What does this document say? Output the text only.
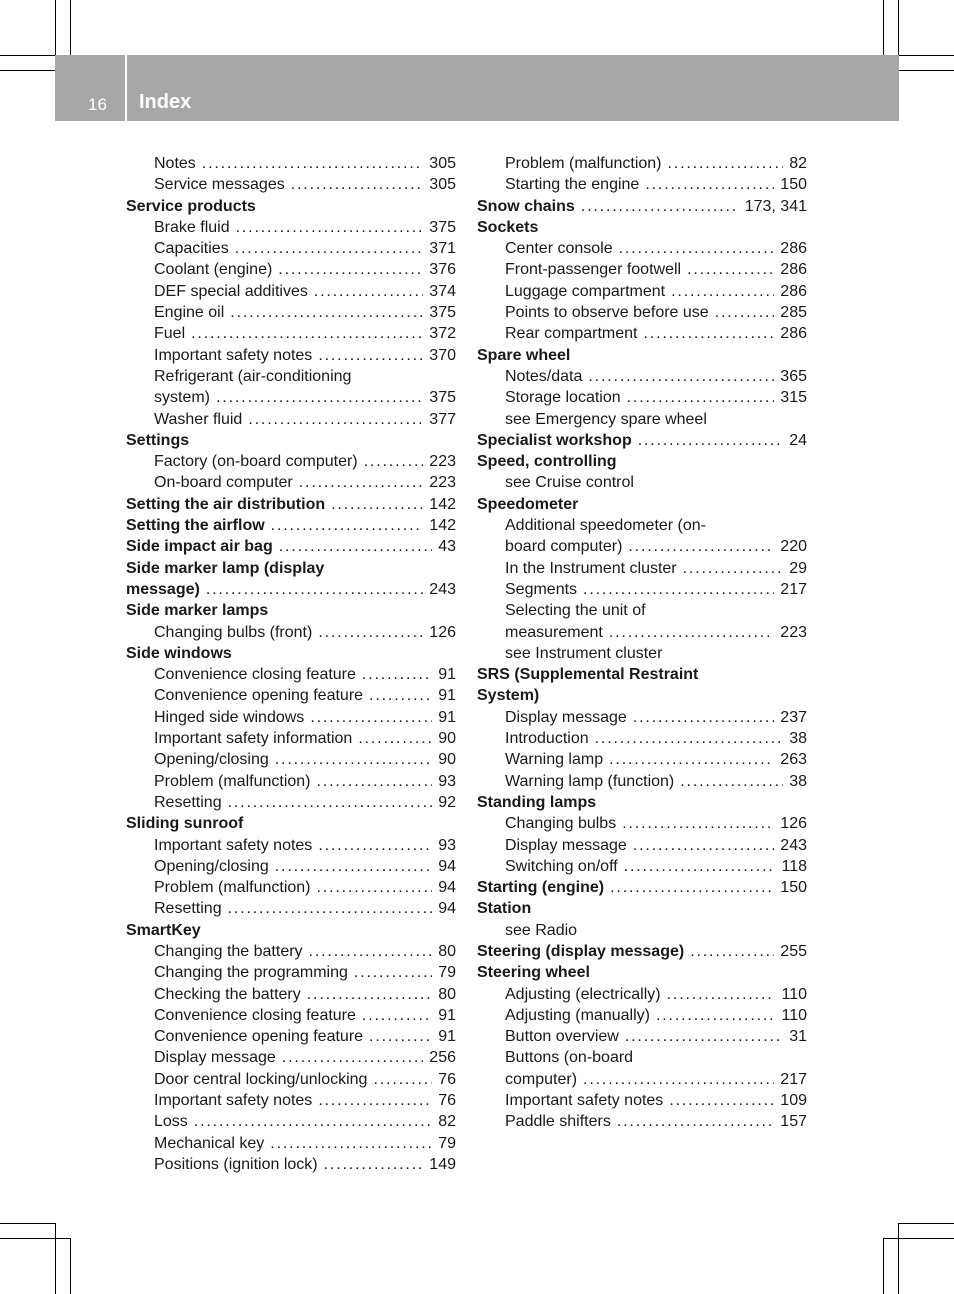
16 Index
Notes . . .	305
Service messages . . .	305
Service products
Brake fluid . . .	375
Capacities . . .	371
Coolant (engine) . . .	376
DEF special additives . . .	374
Engine oil . . .	375
Fuel . . .	372
Important safety notes . . .	370
Refrigerant (air-conditioning
system) . . .	375
Washer fluid . . .	377
Settings
Factory (on-board computer) . . .	223
On-board computer . . .	223
Setting the air distribution . . .	142
Setting the airflow . . .	142
Side impact air bag . . .	43
Side marker lamp (display
message) . . .	243
Side marker lamps
Changing bulbs (front) . . .	126
Side windows
Convenience closing feature . . .	91
Convenience opening feature . . .	91
Hinged side windows . . .	91
Important safety information . . .	90
Opening/closing . . .	90
Problem (malfunction) . . .	93
Resetting . . .	92
Sliding sunroof
Important safety notes . . .	93
Opening/closing . . .	94
Problem (malfunction) . . .	94
Resetting . . .	94
SmartKey
Changing the battery . . .	80
Changing the programming . . .	79
Checking the battery . . .	80
Convenience closing feature . . .	91
Convenience opening feature . . .	91
Display message . . .	256
Door central locking/unlocking . . .	76
Important safety notes . . .	76
Loss . . .	82
Mechanical key . . .	79
Positions (ignition lock) . . .	149
Problem (malfunction) . . .	82
Starting the engine . . .	150
Snow chains . . .	173, 341
Sockets
Center console . . .	286
Front-passenger footwell . . .	286
Luggage compartment . . .	286
Points to observe before use . . .	285
Rear compartment . . .	286
Spare wheel
Notes/data . . .	365
Storage location . . .	315
see Emergency spare wheel
Specialist workshop . . .	24
Speed, controlling
see Cruise control
Speedometer
Additional speedometer (on-
board computer) . . .	220
In the Instrument cluster . . .	29
Segments . . .	217
Selecting the unit of
measurement . . .	223
see Instrument cluster
SRS (Supplemental Restraint
System)
Display message . . .	237
Introduction . . .	38
Warning lamp . . .	263
Warning lamp (function) . . .	38
Standing lamps
Changing bulbs . . .	126
Display message . . .	243
Switching on/off . . .	118
Starting (engine) . . .	150
Station
see Radio
Steering (display message) . . .	255
Steering wheel
Adjusting (electrically) . . .	110
Adjusting (manually) . . .	110
Button overview . . .	31
Buttons (on-board
computer) . . .	217
Important safety notes . . .	109
Paddle shifters . . .	157
